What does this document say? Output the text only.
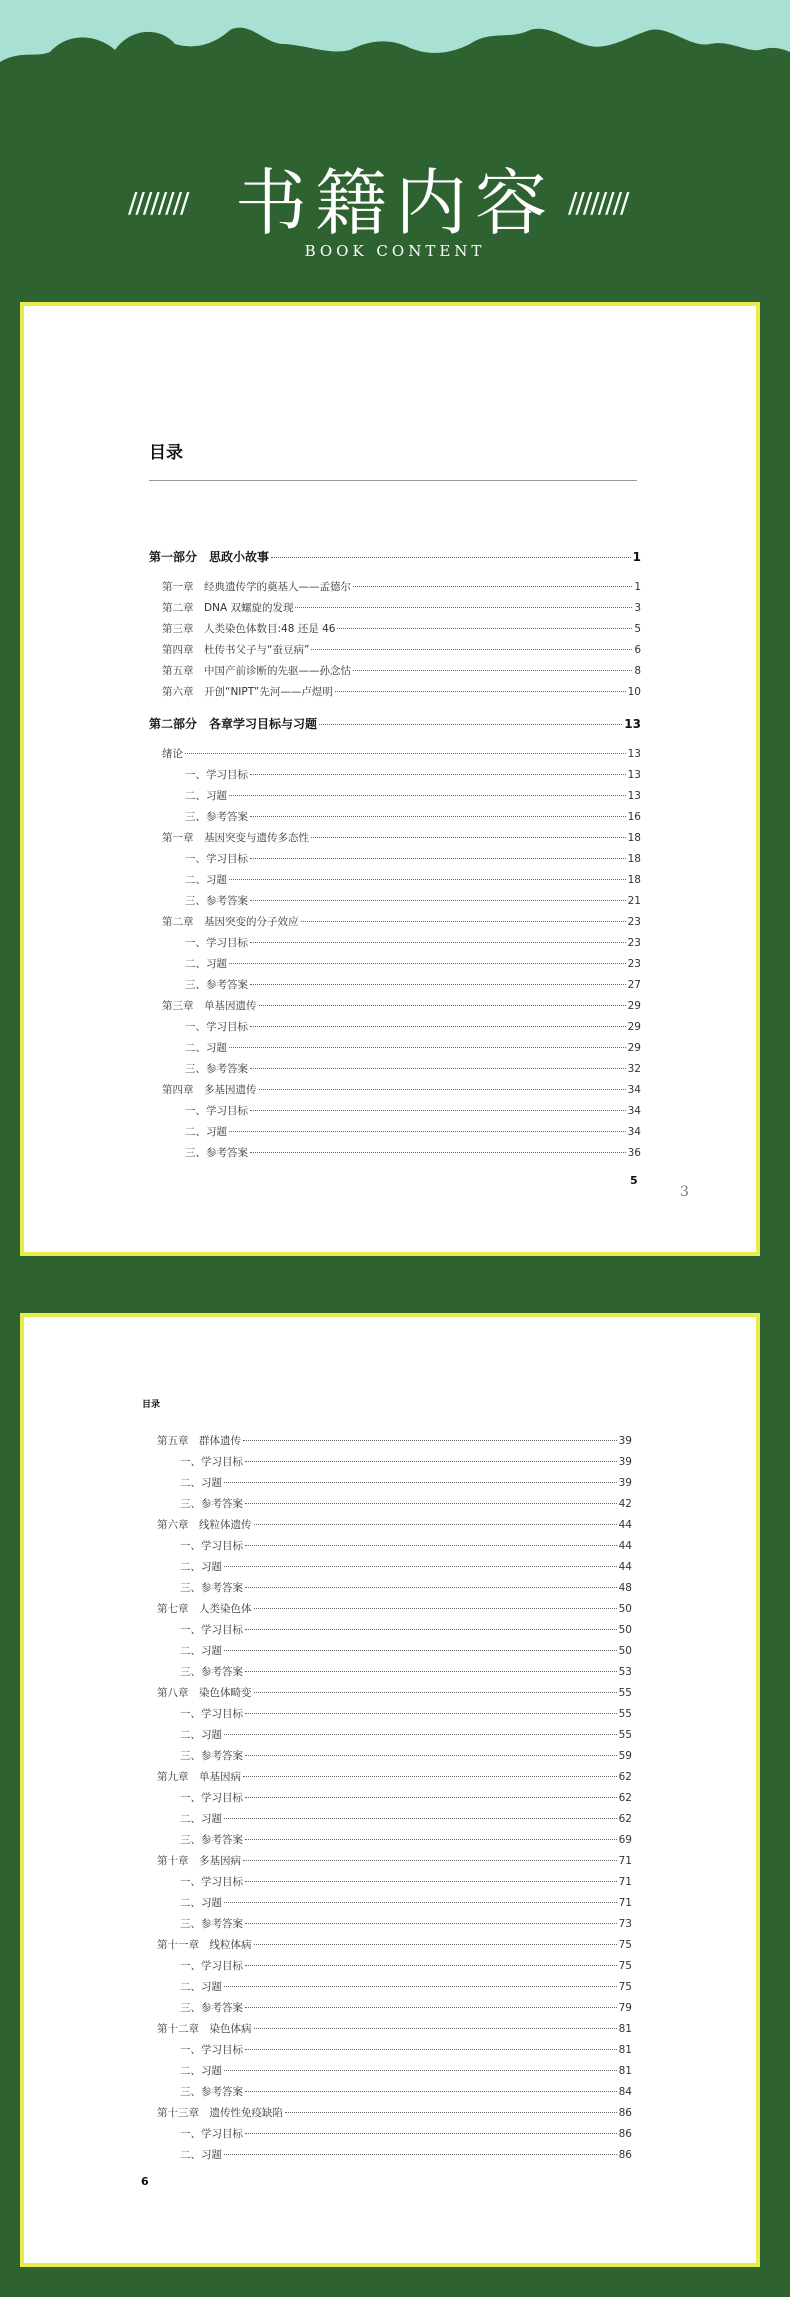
//////// 书籍内容 ////////
BOOK CONTENT
目录
第一部分　思政小故事	1
第一章　经典遗传学的奠基人——孟德尔	1
第二章　DNA 双螺旋的发现	3
第三章　人类染色体数目:48 还是 46	5
第四章　杜传书父子与“蚕豆病”	6
第五章　中国产前诊断的先驱——孙念怙	8
第六章　开创“NIPT”先河——卢煜明	10
第二部分　各章学习目标与习题	13
绪论	13
一、学习目标	13
二、习题	13
三、参考答案	16
第一章　基因突变与遗传多态性	18
一、学习目标	18
二、习题	18
三、参考答案	21
第二章　基因突变的分子效应	23
一、学习目标	23
二、习题	23
三、参考答案	27
第三章　单基因遗传	29
一、学习目标	29
二、习题	29
三、参考答案	32
第四章　多基因遗传	34
一、学习目标	34
二、习题	34
三、参考答案	36
5
3
目录
第五章　群体遗传	39
一、学习目标	39
二、习题	39
三、参考答案	42
第六章　线粒体遗传	44
一、学习目标	44
二、习题	44
三、参考答案	48
第七章　人类染色体	50
一、学习目标	50
二、习题	50
三、参考答案	53
第八章　染色体畸变	55
一、学习目标	55
二、习题	55
三、参考答案	59
第九章　单基因病	62
一、学习目标	62
二、习题	62
三、参考答案	69
第十章　多基因病	71
一、学习目标	71
二、习题	71
三、参考答案	73
第十一章　线粒体病	75
一、学习目标	75
二、习题	75
三、参考答案	79
第十二章　染色体病	81
一、学习目标	81
二、习题	81
三、参考答案	84
第十三章　遗传性免疫缺陷	86
一、学习目标	86
二、习题	86
6
